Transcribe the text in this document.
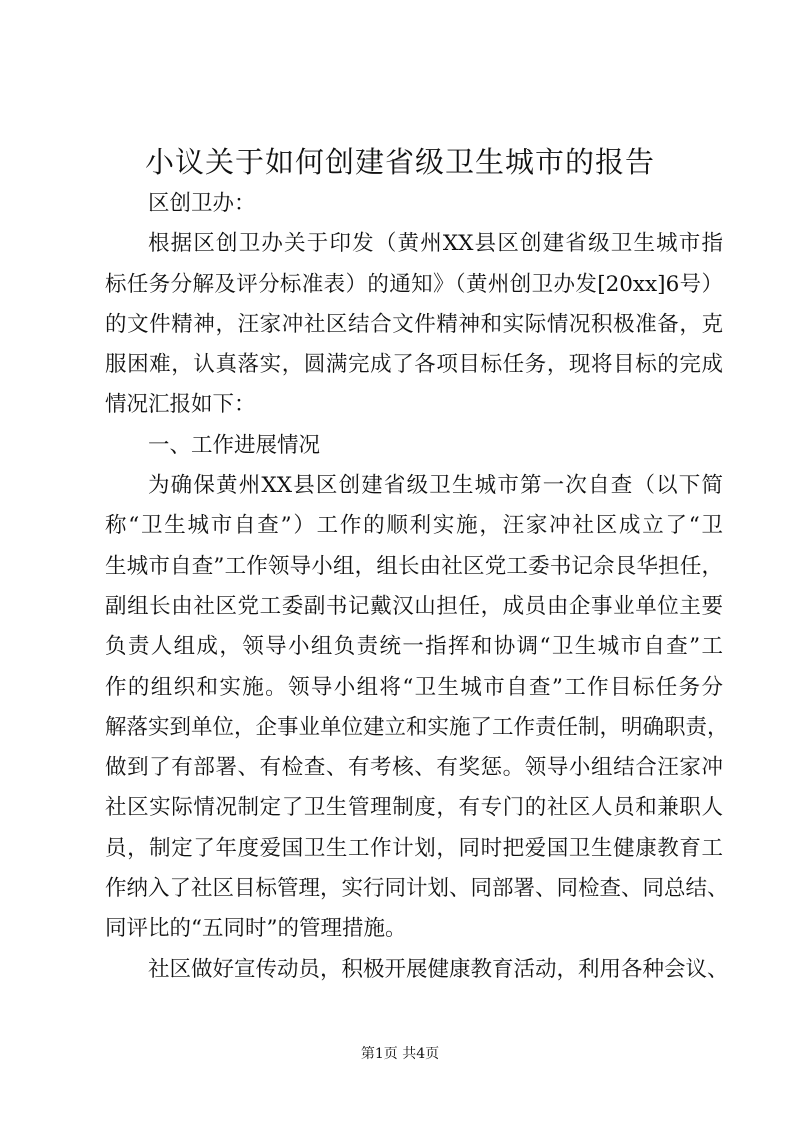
小议关于如何创建省级卫生城市的报告
区创卫办：
根据区创卫办关于印发（黄州XX县区创建省级卫生城市指
标任务分解及评分标准表）的通知》（黄州创卫办发[20xx]6号）
的文件精神，汪家冲社区结合文件精神和实际情况积极准备，克
服困难，认真落实，圆满完成了各项目标任务，现将目标的完成
情况汇报如下：
一、工作进展情况
为确保黄州XX县区创建省级卫生城市第一次自查（以下简
称“卫生城市自查”）工作的顺利实施，汪家冲社区成立了“卫
生城市自查”工作领导小组，组长由社区党工委书记佘艮华担任，
副组长由社区党工委副书记戴汉山担任，成员由企事业单位主要
负责人组成，领导小组负责统一指挥和协调“卫生城市自查”工
作的组织和实施。领导小组将“卫生城市自查”工作目标任务分
解落实到单位，企事业单位建立和实施了工作责任制，明确职责，
做到了有部署、有检查、有考核、有奖惩。领导小组结合汪家冲
社区实际情况制定了卫生管理制度，有专门的社区人员和兼职人
员，制定了年度爱国卫生工作计划，同时把爱国卫生健康教育工
作纳入了社区目标管理，实行同计划、同部署、同检查、同总结、
同评比的“五同时”的管理措施。
社区做好宣传动员，积极开展健康教育活动，利用各种会议、
第1页 共4页
